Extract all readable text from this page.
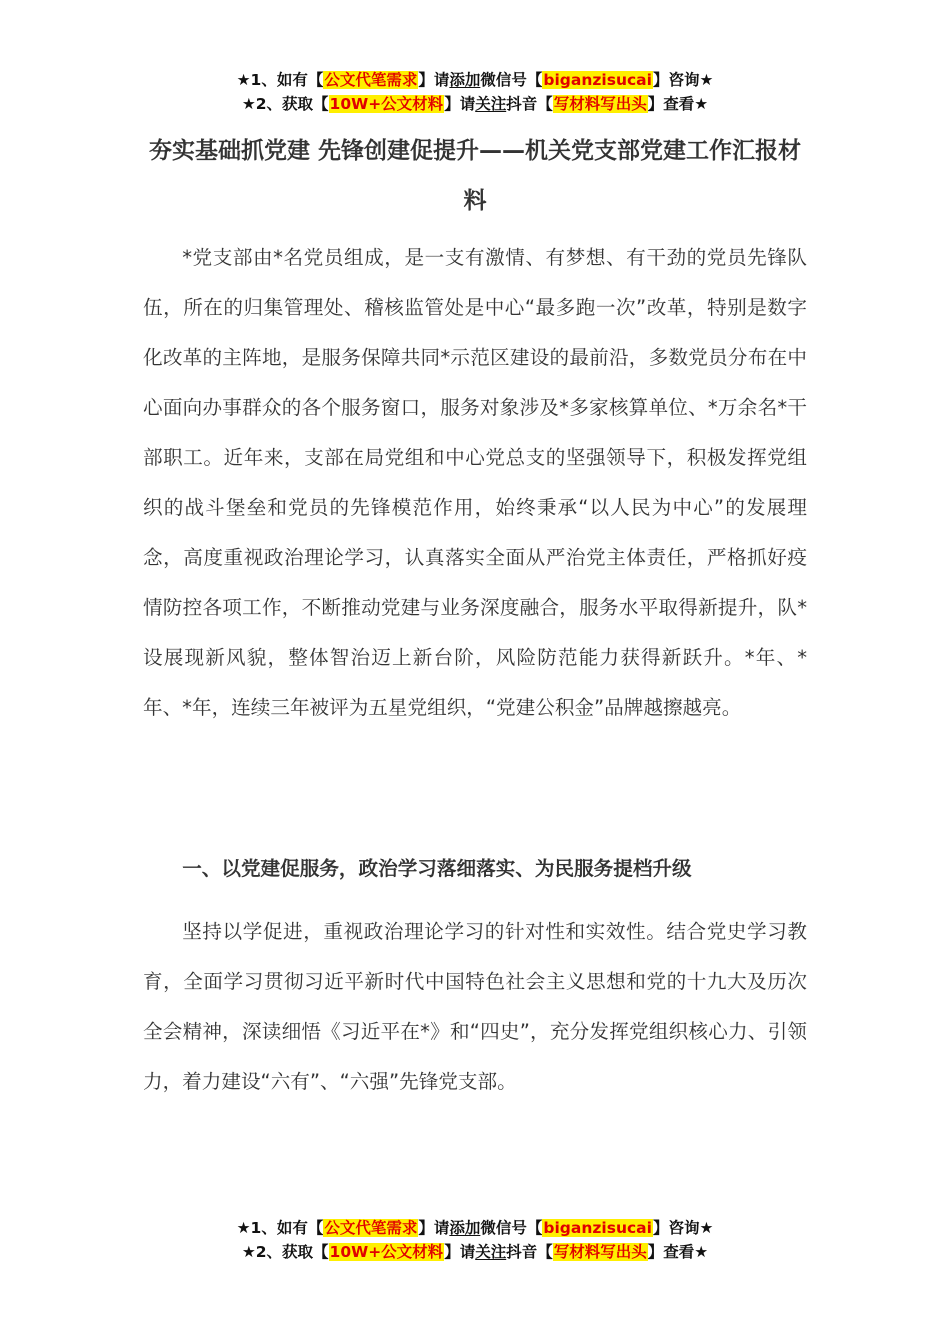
★1、如有【公文代笔需求】请添加微信号【biganzisucai】咨询★
★2、获取【10W+公文材料】请关注抖音【写材料写出头】查看★
夯实基础抓党建 先锋创建促提升——机关党支部党建工作汇报材料

*党支部由*名党员组成，是一支有激情、有梦想、有干劲的党员先锋队伍，所在的归集管理处、稽核监管处是中心“最多跑一次”改革，特别是数字化改革的主阵地，是服务保障共同*示范区建设的最前沿，多数党员分布在中心面向办事群众的各个服务窗口，服务对象涉及*多家核算单位、*万余名*干部职工。近年来，支部在局党组和中心党总支的坚强领导下，积极发挥党组织的战斗堡垒和党员的先锋模范作用，始终秉承“以人民为中心”的发展理念，高度重视政治理论学习，认真落实全面从严治党主体责任，严格抓好疫情防控各项工作，不断推动党建与业务深度融合，服务水平取得新提升，队*设展现新风貌，整体智治迈上新台阶，风险防范能力获得新跃升。*年、*年、*年，连续三年被评为五星党组织，“党建公积金”品牌越擦越亮。

一、以党建促服务，政治学习落细落实、为民服务提档升级

坚持以学促进，重视政治理论学习的针对性和实效性。结合党史学习教育，全面学习贯彻习近平新时代中国特色社会主义思想和党的十九大及历次全会精神，深读细悟《习近平在*》和“四史”，充分发挥党组织核心力、引领力，着力建设“六有”、“六强”先锋党支部。

★1、如有【公文代笔需求】请添加微信号【biganzisucai】咨询★
★2、获取【10W+公文材料】请关注抖音【写材料写出头】查看★
